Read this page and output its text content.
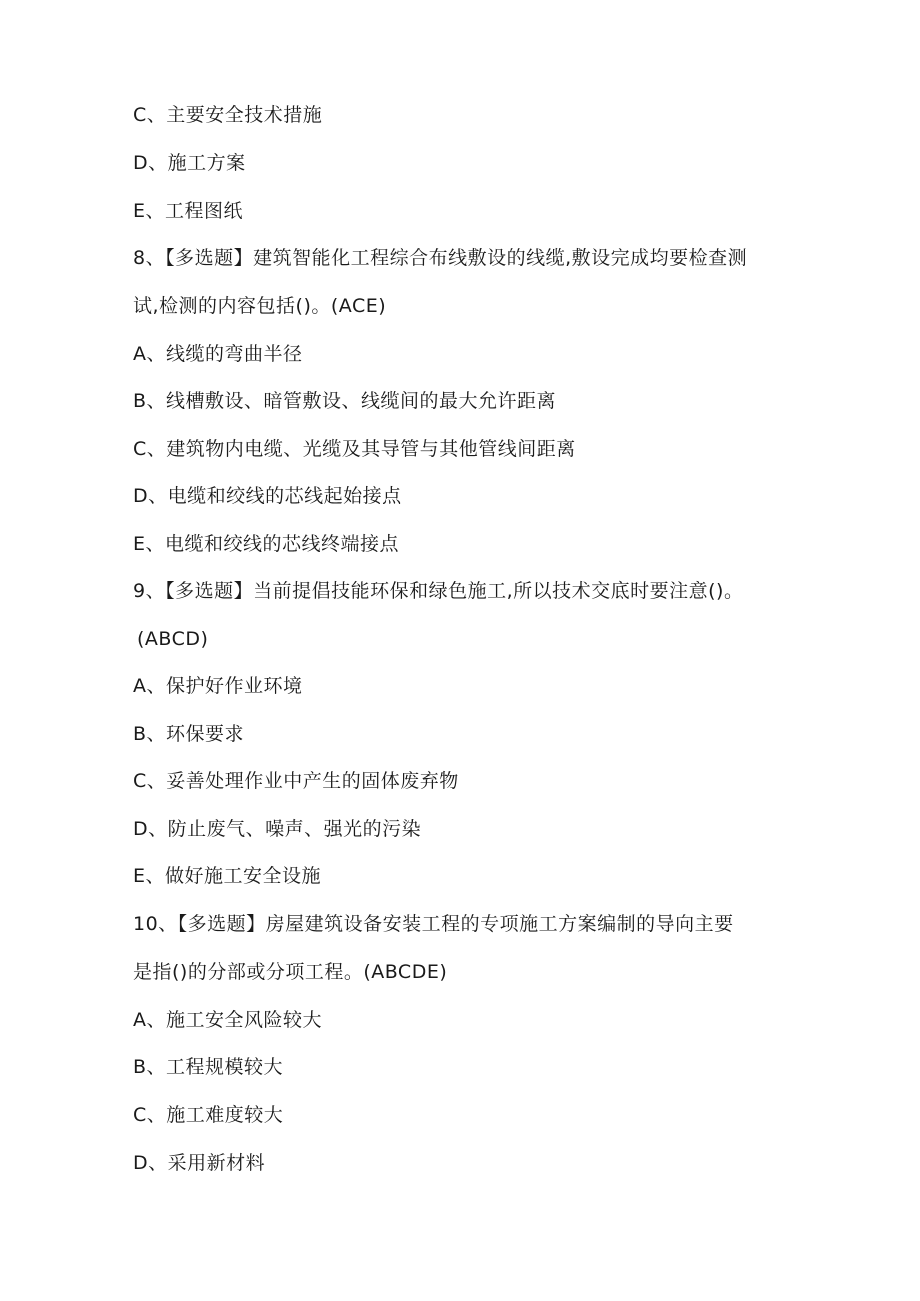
C、主要安全技术措施
D、施工方案
E、工程图纸
8、【多选题】建筑智能化工程综合布线敷设的线缆,敷设完成均要检查测
试,检测的内容包括()。(ACE)
A、线缆的弯曲半径
B、线槽敷设、暗管敷设、线缆间的最大允许距离
C、建筑物内电缆、光缆及其导管与其他管线间距离
D、电缆和绞线的芯线起始接点
E、电缆和绞线的芯线终端接点
9、【多选题】当前提倡技能环保和绿色施工,所以技术交底时要注意()。
(ABCD)
A、保护好作业环境
B、环保要求
C、妥善处理作业中产生的固体废弃物
D、防止废气、噪声、强光的污染
E、做好施工安全设施
10、【多选题】房屋建筑设备安装工程的专项施工方案编制的导向主要
是指()的分部或分项工程。(ABCDE)
A、施工安全风险较大
B、工程规模较大
C、施工难度较大
D、采用新材料
